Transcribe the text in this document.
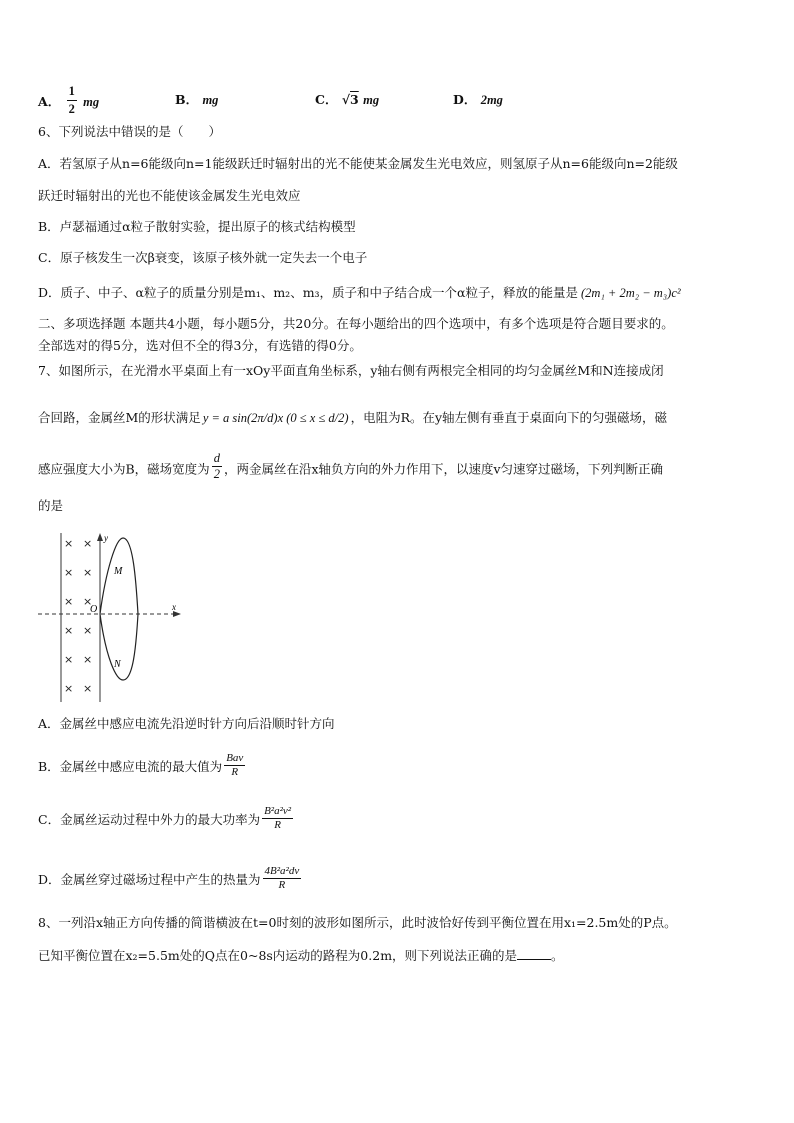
A． $\frac{1}{2}$ mg	B． mg	C． √3 mg	D． 2mg
6、下列说法中错误的是（　　）
A．若氢原子从n=6能级向n=1能级跃迁时辐射出的光不能使某金属发生光电效应，则氢原子从n=6能级向n=2能级
跃迁时辐射出的光也不能使该金属发生光电效应
B．卢瑟福通过α粒子散射实验，提出原子的核式结构模型
C．原子核发生一次β衰变，该原子核外就一定失去一个电子
D．质子、中子、α粒子的质量分别是m₁、m₂、m₃，质子和中子结合成一个α粒子，释放的能量是 (2m₁ + 2m₂ − m₃)c²
二、多项选择题 本题共4小题，每小题5分，共20分。在每小题给出的四个选项中，有多个选项是符合题目要求的。
全部选对的得5分，选对但不全的得3分，有选错的得0分。
7、如图所示，在光滑水平桌面上有一xOy平面直角坐标系，y轴右侧有两根完全相同的均匀金属丝M和N连接成闭
合回路，金属丝M的形状满足 y = a sin(2π/d)x (0 ≤ x ≤ d/2) ，电阻为R。在y轴左侧有垂直于桌面向下的匀强磁场，磁
感应强度大小为B，磁场宽度为 $\frac{d}{2}$ ，两金属丝在沿x轴负方向的外力作用下，以速度v匀速穿过磁场，下列判断正确
的是
× ×
× ×
× ×
× ×
× ×
× ×
M
N
O	x
y
A．金属丝中感应电流先沿逆时针方向后沿顺时针方向
B．金属丝中感应电流的最大值为 $\frac{\text{Bav}}{R}$
C．金属丝运动过程中外力的最大功率为 $\frac{\text{B²a²v²}}{R}$
D．金属丝穿过磁场过程中产生的热量为 $\frac{\text{4B²a²dv}}{R}$
8、一列沿x轴正方向传播的简谐横波在t=0时刻的波形如图所示，此时波恰好传到平衡位置在用x₁=2.5m处的P点。
已知平衡位置在x₂=5.5m处的Q点在0~8s内运动的路程为0.2m，则下列说法正确的是	。
